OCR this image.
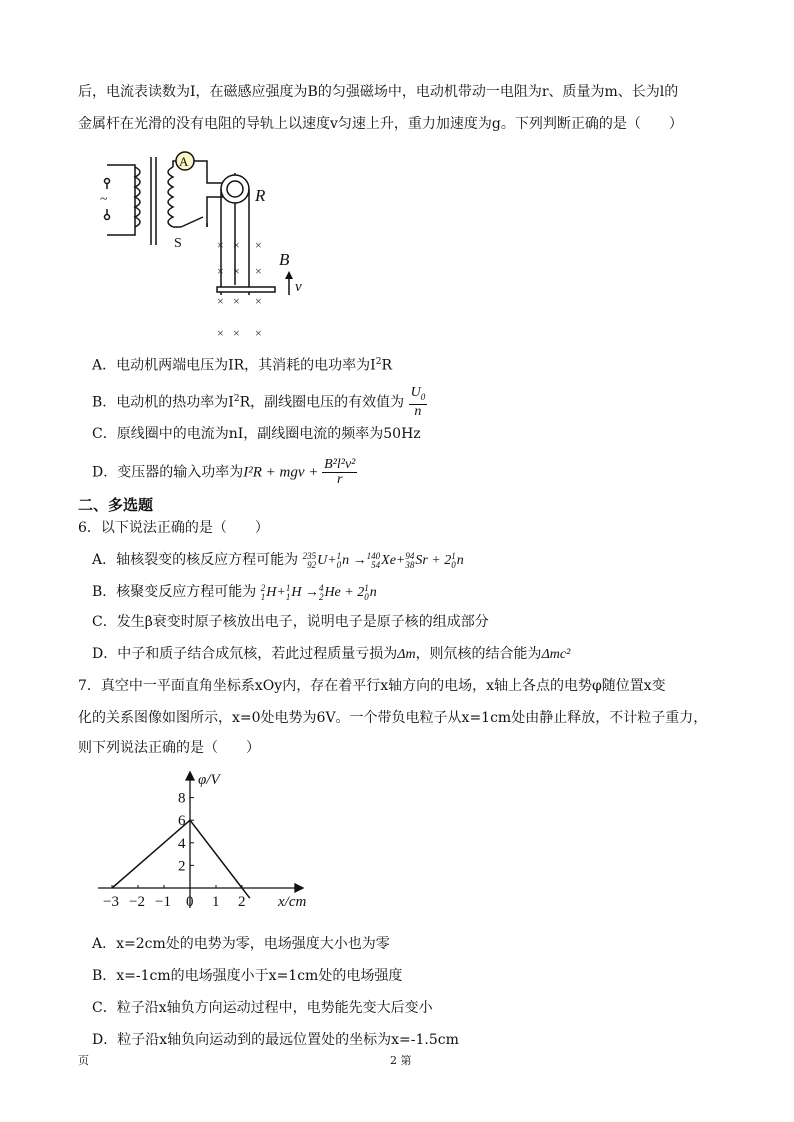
后，电流表读数为I，在磁感应强度为B的匀强磁场中，电动机带动一电阻为r、质量为m、长为l的
金属杆在光滑的没有电阻的导轨上以速度v匀速上升，重力加速度为g。下列判断正确的是（　　）
A
S
R
B
v
~
× × ×
× × ×
× × ×
× × ×
A．电动机两端电压为IR，其消耗的电功率为$I^2R$
B．电动机的热功率为$I^2R$，副线圈电压的有效值为 $\frac{U_0}{n}$
C．原线圈中的电流为nI，副线圈电流的频率为50Hz
D．变压器的输入功率为I²R + mgv + $\frac{\text{B²l²v²}}{r}$
二、多选题
6．以下说法正确的是（　　）
A．轴核裂变的核反应方程可能为 235
92 U+ 1
0 n → 140
54 Xe+ 94
38 Sr + 2 1
0 n
B．核聚变反应方程可能为 2
1 H+ 1
1 H → 4
2 He + 2 1
0 n
C．发生β衰变时原子核放出电子，说明电子是原子核的组成部分
D．中子和质子结合成氘核，若此过程质量亏损为Δm，则氘核的结合能为Δmc²
7．真空中一平面直角坐标系xOy内，存在着平行x轴方向的电场，x轴上各点的电势φ随位置x变
化的关系图像如图所示，x=0处电势为6V。一个带负电粒子从x=1cm处由静止释放，不计粒子重力，
则下列说法正确的是（　　）
φ/V
x/cm
−3 −2 −1 0 1 2
2
4
6
8
A．x=2cm处的电势为零，电场强度大小也为零
B．x=-1cm的电场强度小于x=1cm处的电场强度
C．粒子沿x轴负方向运动过程中，电势能先变大后变小
D．粒子沿x轴负向运动到的最远位置处的坐标为x=-1.5cm
页	2 第
